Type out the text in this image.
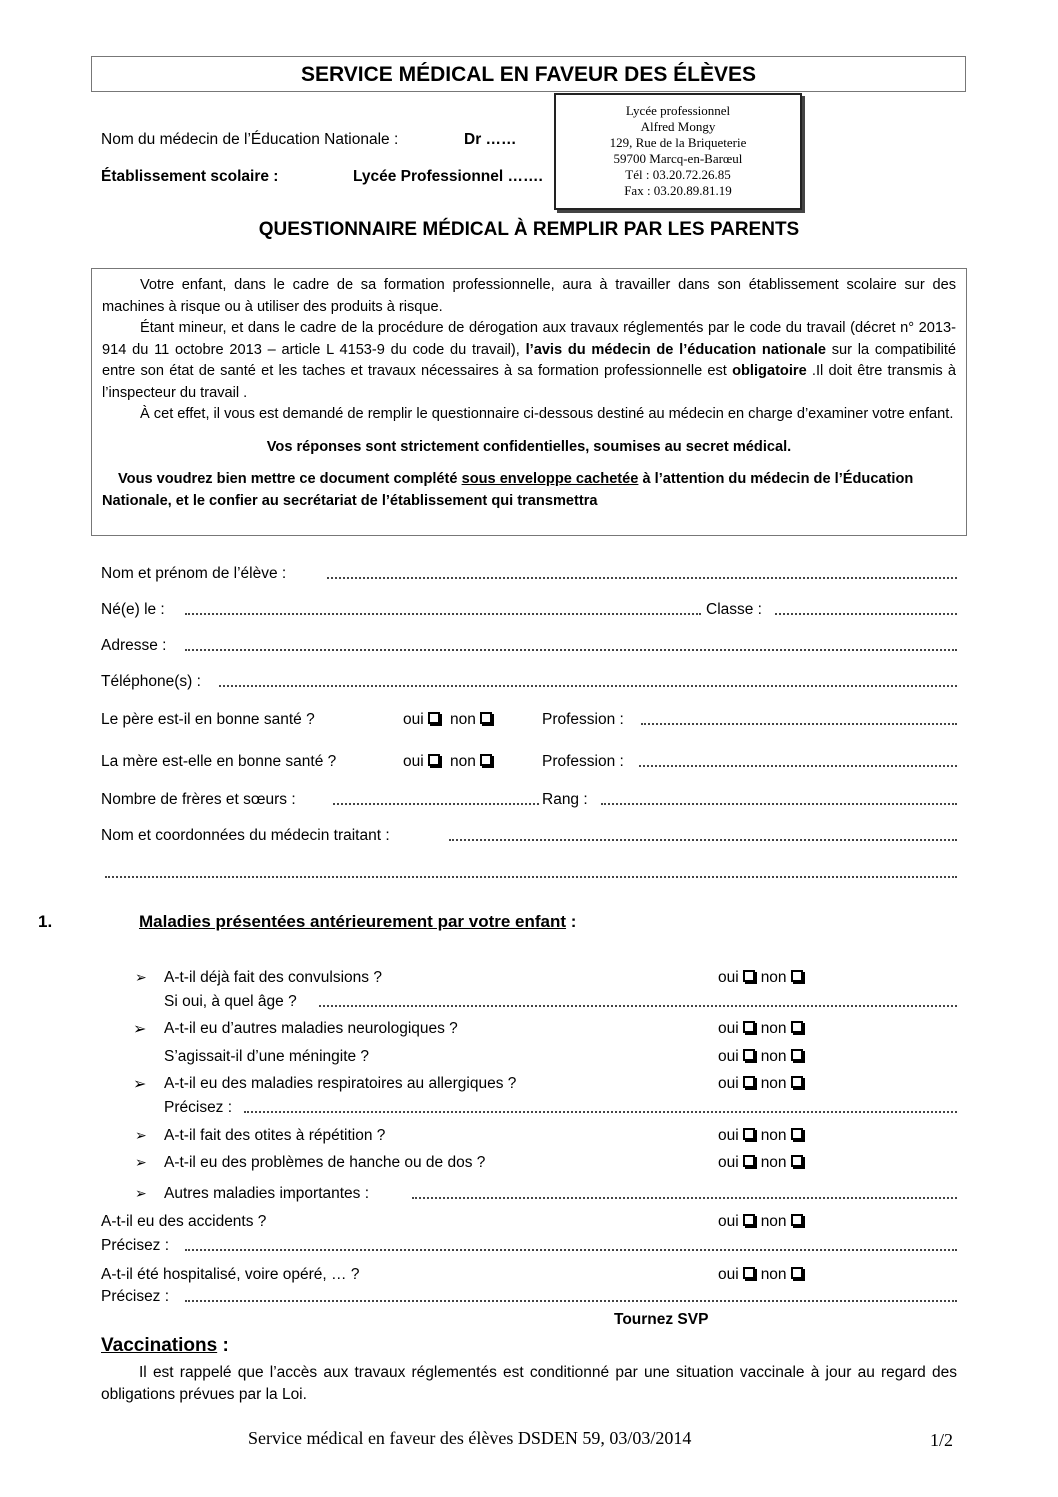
SERVICE MÉDICAL EN FAVEUR DES ÉLÈVES
Nom du médecin de l’Éducation Nationale :	Dr ……
Établissement scolaire :	Lycée Professionnel …….
Lycée professionnel
Alfred Mongy
129, Rue de la Briqueterie
59700 Marcq-en-Barœul
Tél : 03.20.72.26.85
Fax : 03.20.89.81.19
QUESTIONNAIRE MÉDICAL À REMPLIR PAR LES PARENTS

Votre enfant, dans le cadre de sa formation professionnelle, aura à travailler dans son établissement scolaire sur des machines à risque ou à utiliser des produits à risque.

Étant mineur, et dans le cadre de la procédure de dérogation aux travaux réglementés par le code du travail (décret n° 2013-914 du 11 octobre 2013 – article L 4153-9 du code du travail), l’avis du médecin de l’éducation nationale sur la compatibilité entre son état de santé et les taches et travaux nécessaires à sa formation professionnelle est obligatoire .Il doit être transmis à l’inspecteur du travail .

À cet effet, il vous est demandé de remplir le questionnaire ci-dessous destiné au médecin en charge d’examiner votre enfant.

Vos réponses sont strictement confidentielles, soumises au secret médical.

Vous voudrez bien mettre ce document complété sous enveloppe cachetée à l’attention du médecin de l’Éducation Nationale, et le confier au secrétariat de l’établissement qui transmettra

Nom et prénom de l’élève :
Né(e) le :	Classe :
Adresse :
Téléphone(s) :
Le père est-il en bonne santé ?	oui non	Profession :
La mère est-elle en bonne santé ?	oui non	Profession :
Nombre de frères et sœurs :	Rang :
Nom et coordonnées du médecin traitant :
1.	Maladies présentées antérieurement par votre enfant :
➢ A-t-il déjà fait des convulsions ?	oui non
Si oui, à quel âge ?
➢ A-t-il eu d’autres maladies neurologiques ?	oui non
S’agissait-il d’une méningite ?	oui non
➢ A-t-il eu des maladies respiratoires au allergiques ?	oui non
Précisez :
➢ A-t-il fait des otites à répétition ?	oui non
➢ A-t-il eu des problèmes de hanche ou de dos ?	oui non
➢ Autres maladies importantes :
A-t-il eu des accidents ?	oui non
Précisez :
A-t-il été hospitalisé, voire opéré, … ?	oui non
Précisez :
Tournez SVP
Vaccinations :
Il est rappelé que l’accès aux travaux réglementés est conditionné par une situation vaccinale à jour au regard des obligations prévues par la Loi.
Service médical en faveur des élèves DSDEN 59, 03/03/2014	1/2
